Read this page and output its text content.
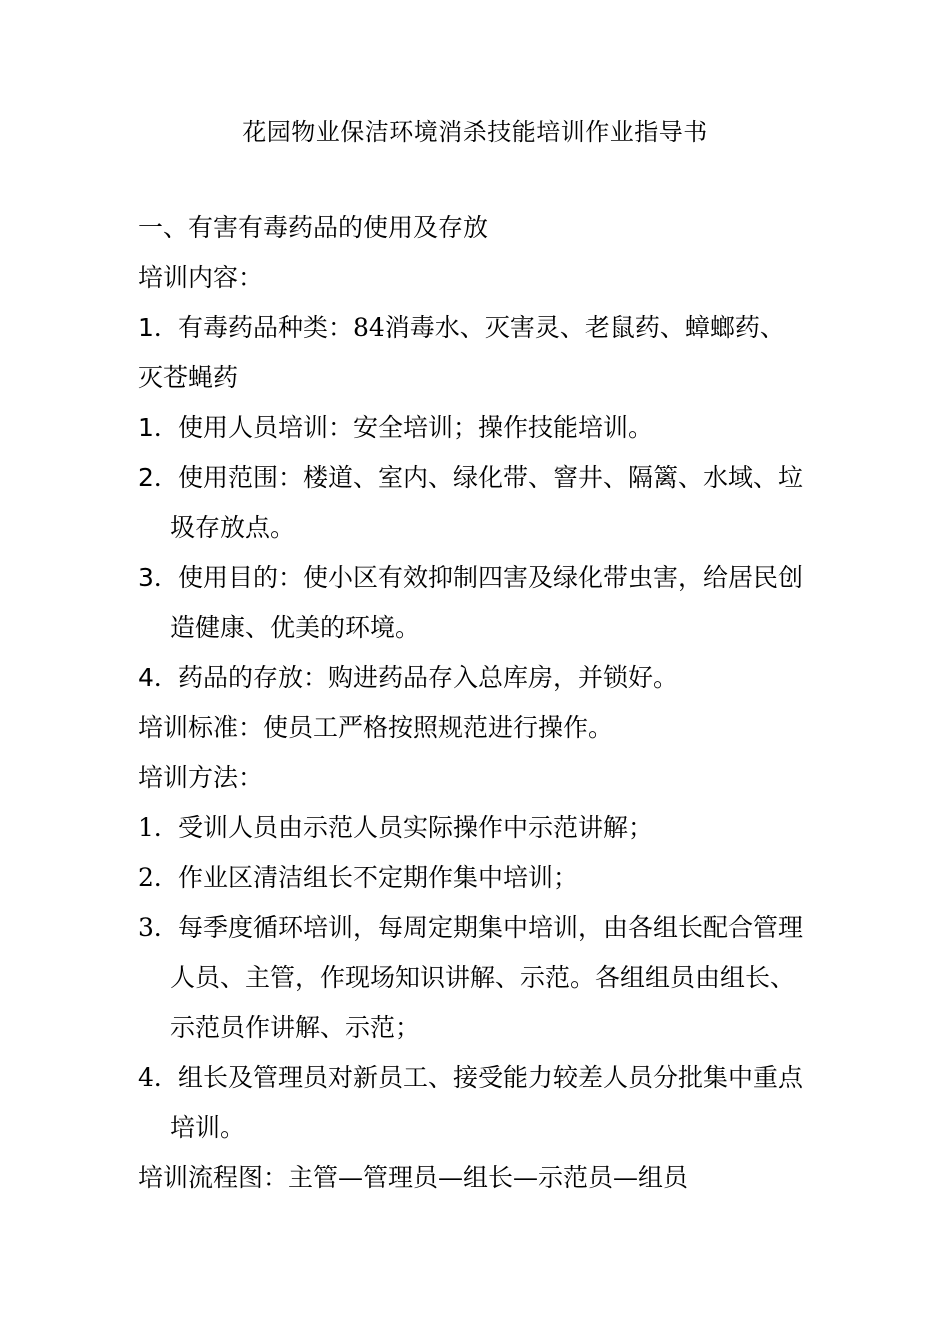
花园物业保洁环境消杀技能培训作业指导书
一、有害有毒药品的使用及存放
培训内容：
1．有毒药品种类：84消毒水、灭害灵、老鼠药、蟑螂药、
灭苍蝇药
1．使用人员培训：安全培训；操作技能培训。
2．使用范围：楼道、室内、绿化带、窨井、隔篱、水域、垃
圾存放点。
3．使用目的：使小区有效抑制四害及绿化带虫害，给居民创
造健康、优美的环境。
4．药品的存放：购进药品存入总库房，并锁好。
培训标准：使员工严格按照规范进行操作。
培训方法：
1．受训人员由示范人员实际操作中示范讲解；
2．作业区清洁组长不定期作集中培训；
3．每季度循环培训，每周定期集中培训，由各组长配合管理
人员、主管，作现场知识讲解、示范。各组组员由组长、
示范员作讲解、示范；
4．组长及管理员对新员工、接受能力较差人员分批集中重点
培训。
培训流程图：主管—管理员—组长—示范员—组员
